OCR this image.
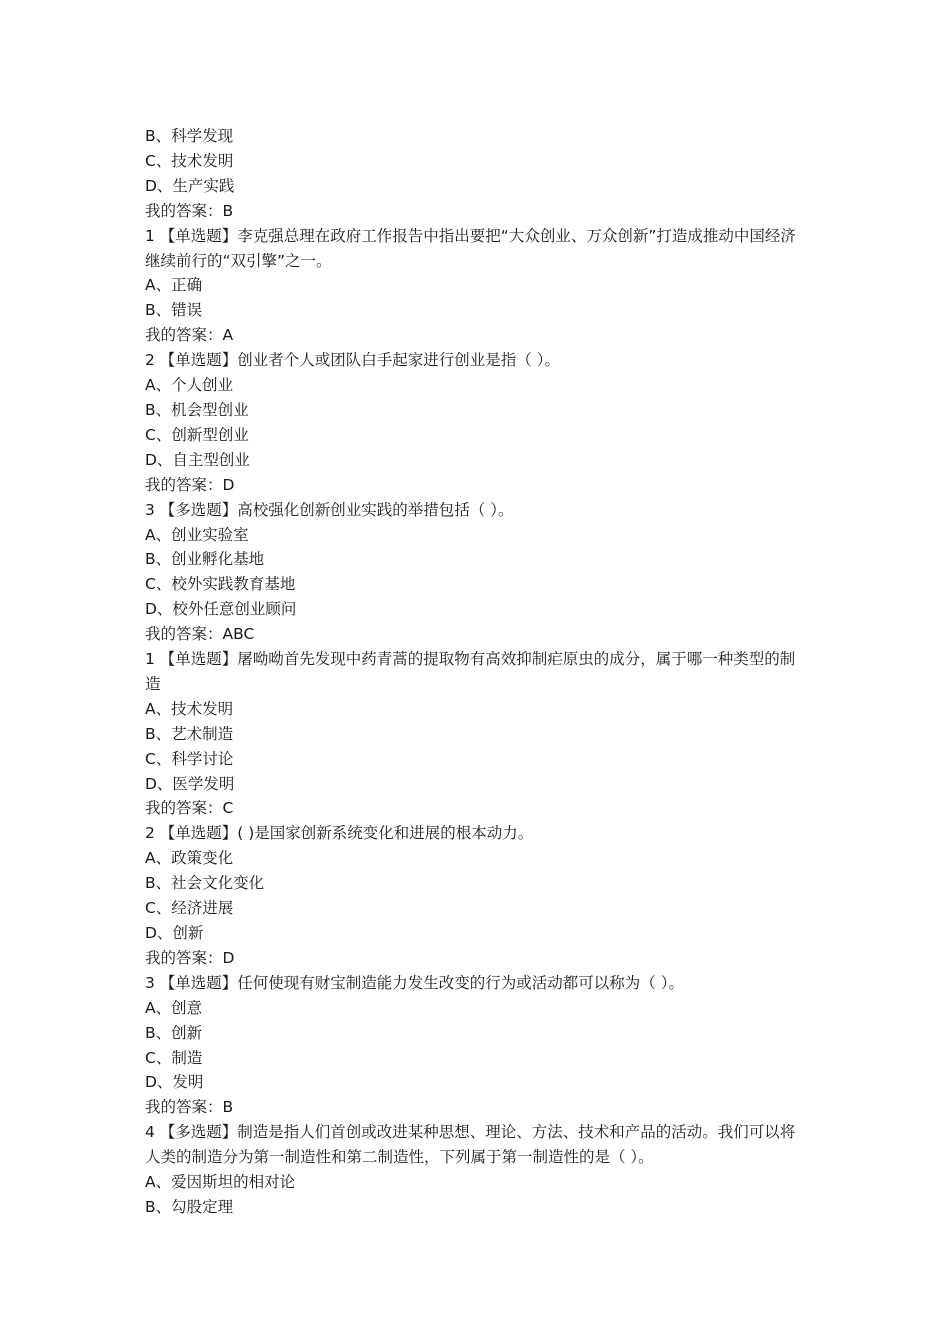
B、科学发现

C、技术发明

D、生产实践

我的答案：B

1 【单选题】李克强总理在政府工作报告中指出要把“大众创业、万众创新”打造成推动中国经济继续前行的“双引擎”之一。

A、正确

B、错误

我的答案：A

2 【单选题】创业者个人或团队白手起家进行创业是指（ ）。

A、个人创业

B、机会型创业

C、创新型创业

D、自主型创业

我的答案：D

3 【多选题】高校强化创新创业实践的举措包括（ ）。

A、创业实验室

B、创业孵化基地

C、校外实践教育基地

D、校外任意创业顾问

我的答案：ABC

1 【单选题】屠呦呦首先发现中药青蒿的提取物有高效抑制疟原虫的成分，属于哪一种类型的制造

A、技术发明

B、艺术制造

C、科学讨论

D、医学发明

我的答案：C

2 【单选题】( )是国家创新系统变化和进展的根本动力。

A、政策变化

B、社会文化变化

C、经济进展

D、创新

我的答案：D

3 【单选题】任何使现有财宝制造能力发生改变的行为或活动都可以称为（ ）。

A、创意

B、创新

C、制造

D、发明

我的答案：B

4 【多选题】制造是指人们首创或改进某种思想、理论、方法、技术和产品的活动。我们可以将人类的制造分为第一制造性和第二制造性，下列属于第一制造性的是（ ）。

A、爱因斯坦的相对论

B、勾股定理
